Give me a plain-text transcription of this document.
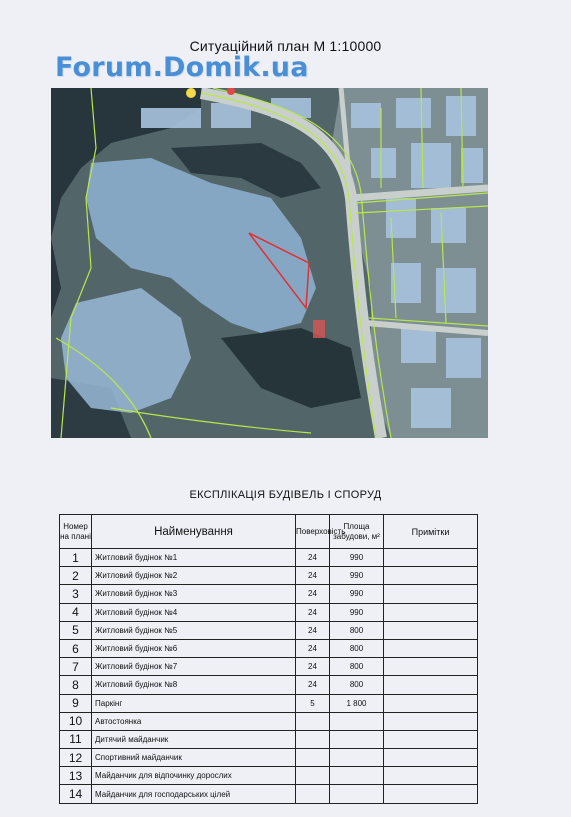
Ситуаційний план М 1:10000
Forum.Domik.ua
ЕКСПЛІКАЦІЯ БУДІВЕЛЬ І СПОРУД
Номер на плані	Найменування	Поверховість	Площа забудови, м²	Примітки
1	Житловий будінок №1	24	990	
2	Житловий будінок №2	24	990	
3	Житловий будінок №3	24	990	
4	Житловий будінок №4	24	990	
5	Житловий будінок №5	24	800	
6	Житловий будінок №6	24	800	
7	Житловий будінок №7	24	800	
8	Житловий будінок №8	24	800	
9	Паркінг	5	1 800	
10	Автостоянка			
11	Дитячий майданчик			
12	Спортивний майданчик			
13	Майданчик для відпочинку дорослих			
14	Майданчик для господарських цілей			
